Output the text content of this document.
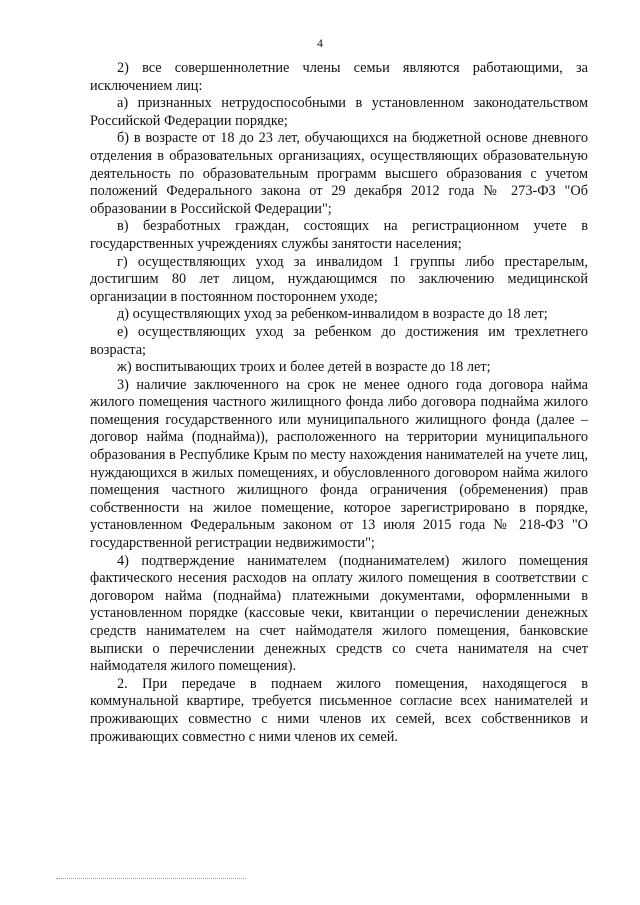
4

2) все совершеннолетние члены семьи являются работающими, за исключением лиц:

а) признанных нетрудоспособными в установленном законодательством Российской Федерации порядке;

б) в возрасте от 18 до 23 лет, обучающихся на бюджетной основе дневного отделения в образовательных организациях, осуществляющих образовательную деятельность по образовательным программ высшего образования с учетом положений Федерального закона от 29 декабря 2012 года № 273-ФЗ "Об образовании в Российской Федерации";

в) безработных граждан, состоящих на регистрационном учете в государственных учреждениях службы занятости населения;

г) осуществляющих уход за инвалидом 1 группы либо престарелым, достигшим 80 лет лицом, нуждающимся по заключению медицинской организации в постоянном постороннем уходе;

д) осуществляющих уход за ребенком-инвалидом в возрасте до 18 лет;

е) осуществляющих уход за ребенком до достижения им трехлетнего возраста;

ж) воспитывающих троих и более детей в возрасте до 18 лет;

3) наличие заключенного на срок не менее одного года договора найма жилого помещения частного жилищного фонда либо договора поднайма жилого помещения государственного или муниципального жилищного фонда (далее – договор найма (поднайма)), расположенного на территории муниципального образования в Республике Крым по месту нахождения нанимателей на учете лиц, нуждающихся в жилых помещениях, и обусловленного договором найма жилого помещения частного жилищного фонда ограничения (обременения) прав собственности на жилое помещение, которое зарегистрировано в порядке, установленном Федеральным законом от 13 июля 2015 года № 218-ФЗ "О государственной регистрации недвижимости";

4) подтверждение нанимателем (поднанимателем) жилого помещения фактического несения расходов на оплату жилого помещения в соответствии с договором найма (поднайма) платежными документами, оформленными в установленном порядке (кассовые чеки, квитанции о перечислении денежных средств нанимателем на счет наймодателя жилого помещения, банковские выписки о перечислении денежных средств со счета нанимателя на счет наймодателя жилого помещения).

2. При передаче в поднаем жилого помещения, находящегося в коммунальной квартире, требуется письменное согласие всех нанимателей и проживающих совместно с ними членов их семей, всех собственников и проживающих совместно с ними членов их семей.
